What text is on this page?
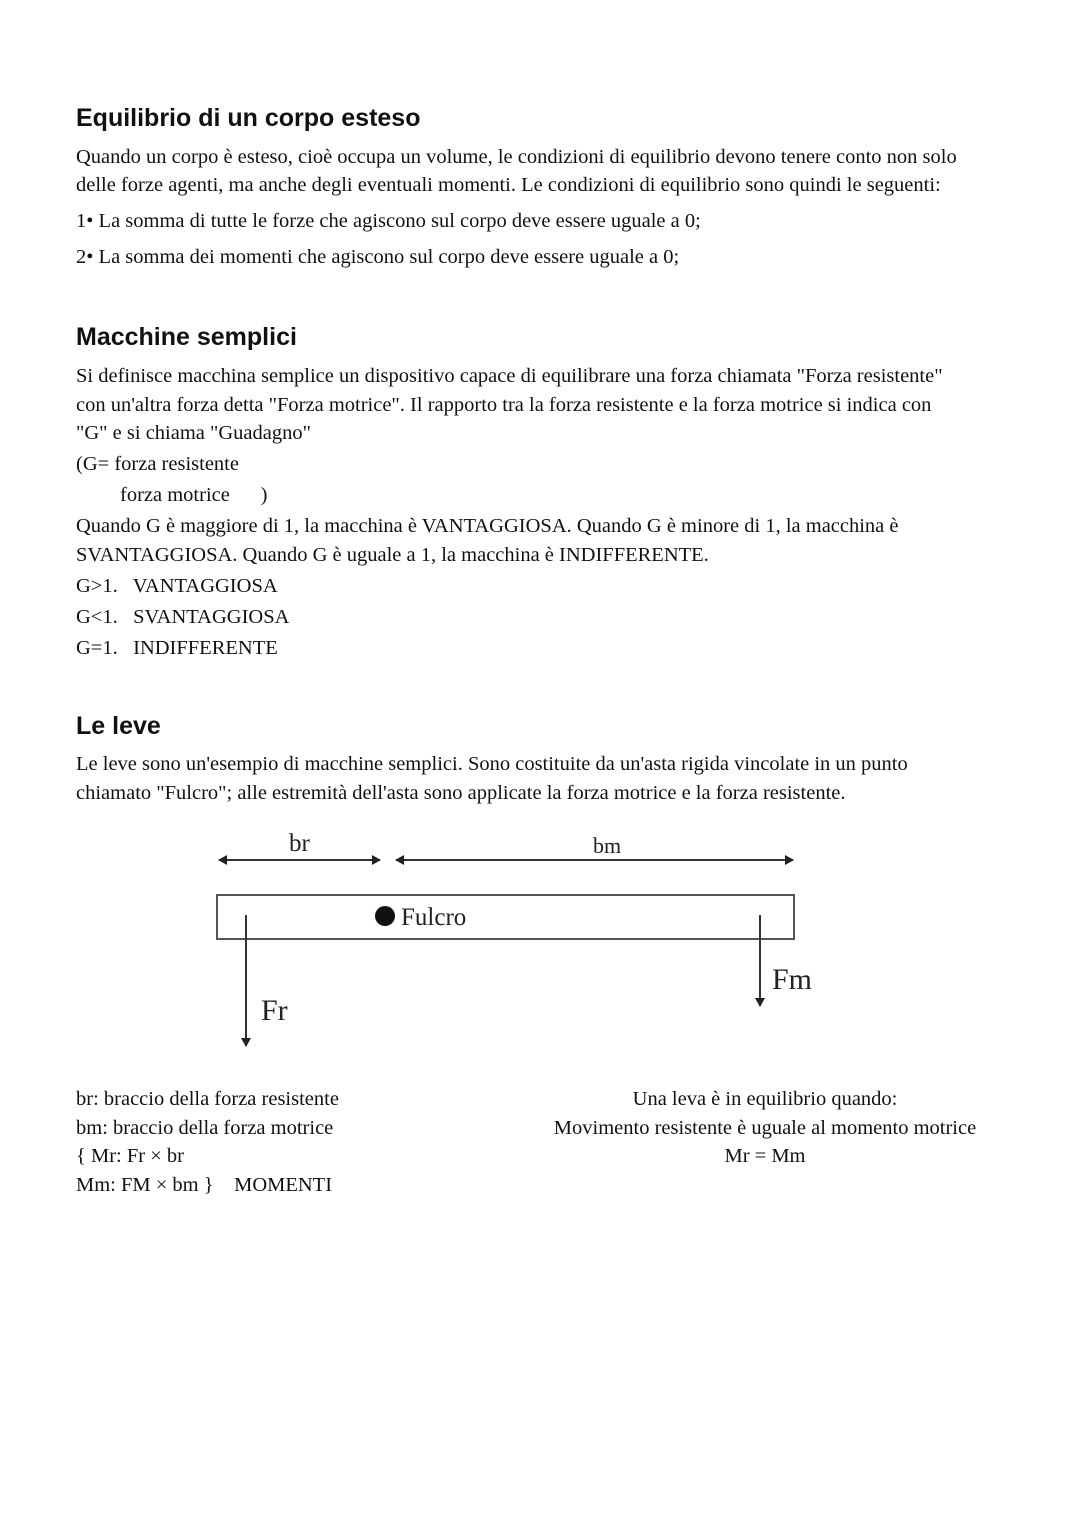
Equilibrio di un corpo esteso
Quando un corpo è esteso, cioè occupa un volume, le condizioni di equilibrio devono tenere conto non solo
delle forze agenti, ma anche degli eventuali momenti. Le condizioni di equilibrio sono quindi le seguenti:
1• La somma di tutte le forze che agiscono sul corpo deve essere uguale a 0;
2• La somma dei momenti che agiscono sul corpo deve essere uguale a 0;
Macchine semplici
Si definisce macchina semplice un dispositivo capace di equilibrare una forza chiamata "Forza resistente"
con un'altra forza detta "Forza motrice". Il rapporto tra la forza resistente e la forza motrice si indica con
"G" e si chiama "Guadagno"
(G= forza resistente
forza motrice      )
Quando G è maggiore di 1, la macchina è VANTAGGIOSA. Quando G è minore di 1, la macchina è
SVANTAGGIOSA. Quando G è uguale a 1, la macchina è INDIFFERENTE.
G>1.   VANTAGGIOSA
G<1.   SVANTAGGIOSA
G=1.   INDIFFERENTE
Le leve
Le leve sono un'esempio di macchine semplici. Sono costituite da un'asta rigida vincolate in un punto
chiamato "Fulcro"; alle estremità dell'asta sono applicate la forza motrice e la forza resistente.
br	bm
Fulcro
Fr
Fm
br: braccio della forza resistente
bm: braccio della forza motrice
{ Mr: Fr × br
Mm: FM × bm }    MOMENTI
Una leva è in equilibrio quando:
Movimento resistente è uguale al momento motrice
Mr = Mm
